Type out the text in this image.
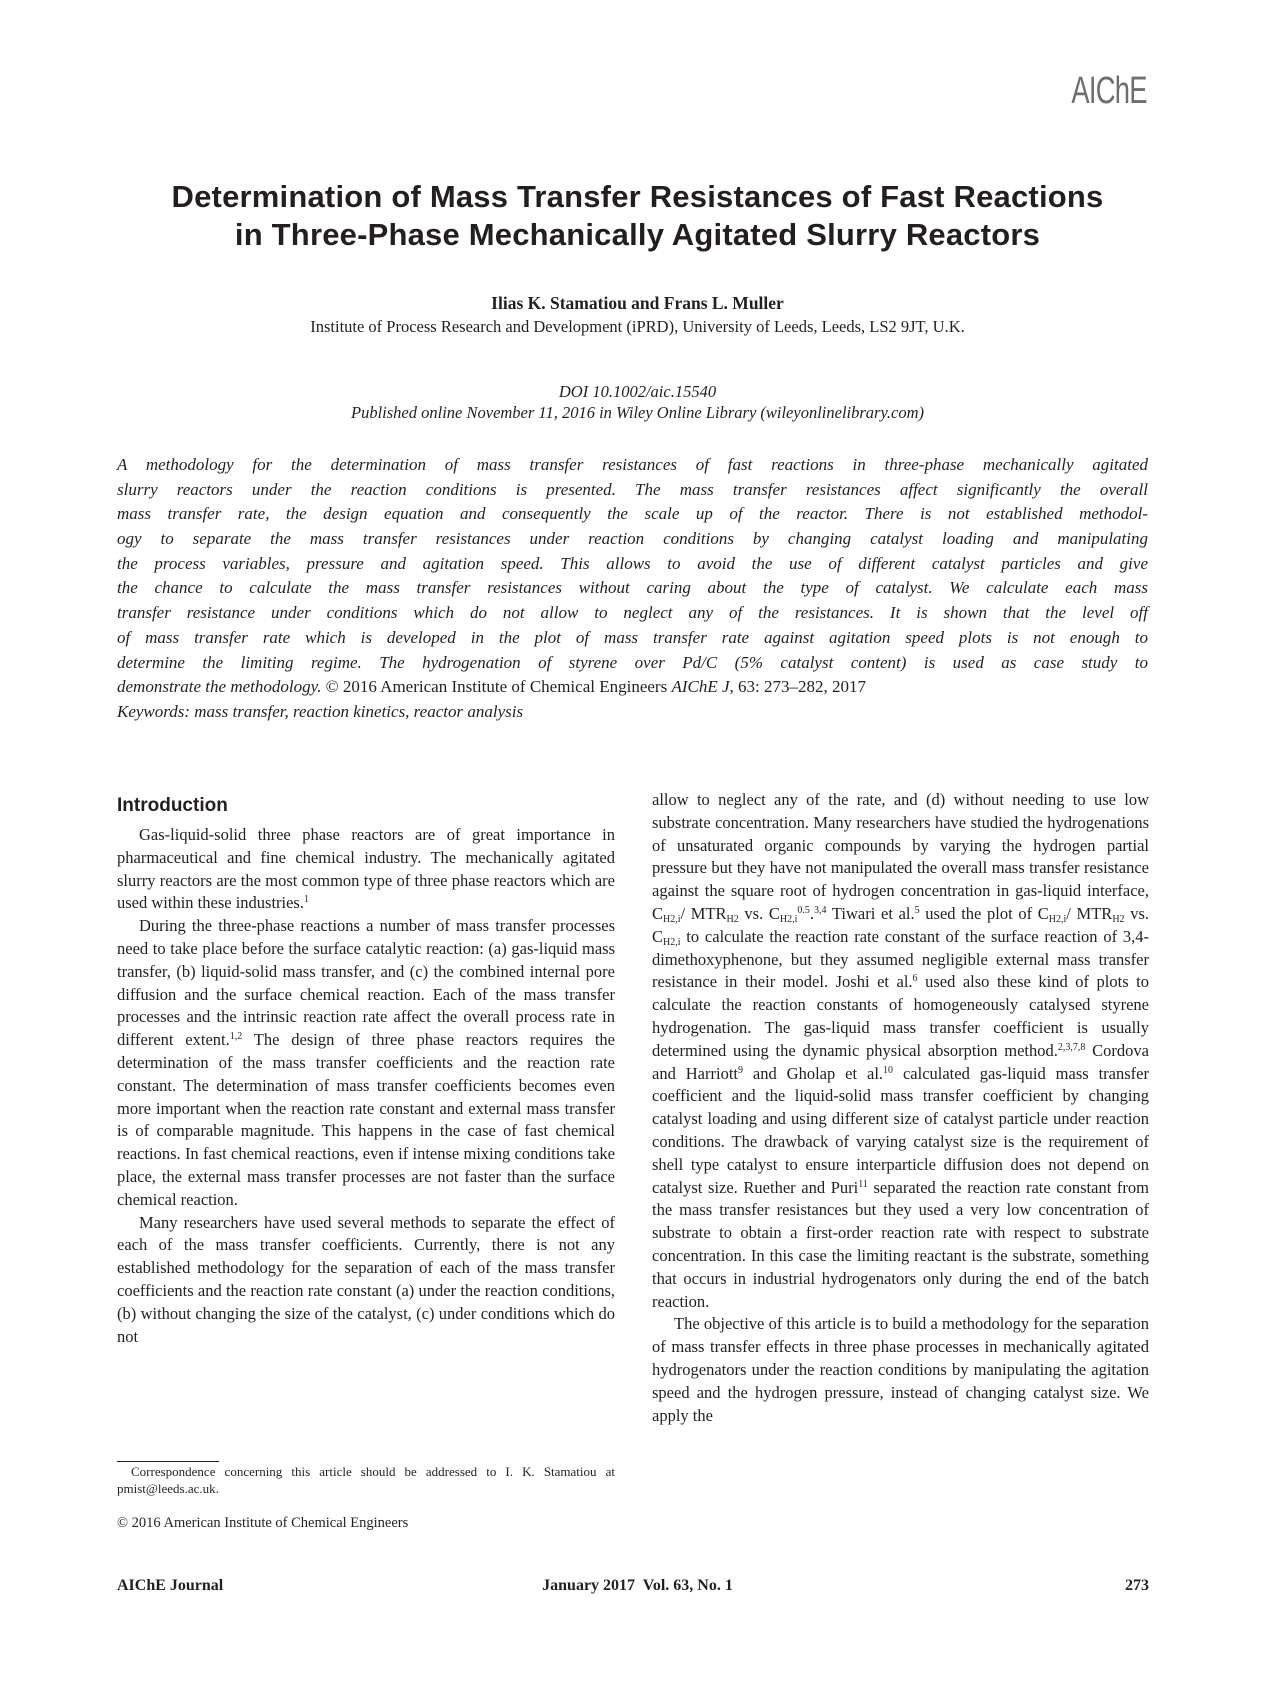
AIChE
Determination of Mass Transfer Resistances of Fast Reactions
in Three-Phase Mechanically Agitated Slurry Reactors
Ilias K. Stamatiou and Frans L. Muller
Institute of Process Research and Development (iPRD), University of Leeds, Leeds, LS2 9JT, U.K.
DOI 10.1002/aic.15540
Published online November 11, 2016 in Wiley Online Library (wileyonlinelibrary.com)
A methodology for the determination of mass transfer resistances of fast reactions in three-phase mechanically agitated
slurry reactors under the reaction conditions is presented. The mass transfer resistances affect significantly the overall
mass transfer rate, the design equation and consequently the scale up of the reactor. There is not established methodol-
ogy to separate the mass transfer resistances under reaction conditions by changing catalyst loading and manipulating
the process variables, pressure and agitation speed. This allows to avoid the use of different catalyst particles and give
the chance to calculate the mass transfer resistances without caring about the type of catalyst. We calculate each mass
transfer resistance under conditions which do not allow to neglect any of the resistances. It is shown that the level off
of mass transfer rate which is developed in the plot of mass transfer rate against agitation speed plots is not enough to
determine the limiting regime. The hydrogenation of styrene over Pd/C (5% catalyst content) is used as case study to
demonstrate the methodology. © 2016 American Institute of Chemical Engineers AIChE J, 63: 273–282, 2017
Keywords: mass transfer, reaction kinetics, reactor analysis
Introduction
Gas-liquid-solid three phase reactors are of great importance in pharmaceutical and fine chemical industry. The mechanically agitated slurry reactors are the most common type of three phase reactors which are used within these industries.$^1$
During the three-phase reactions a number of mass transfer processes need to take place before the surface catalytic reaction: (a) gas-liquid mass transfer, (b) liquid-solid mass transfer, and (c) the combined internal pore diffusion and the surface chemical reaction. Each of the mass transfer processes and the intrinsic reaction rate affect the overall process rate in different extent.$^{1,2}$ The design of three phase reactors requires the determination of the mass transfer coefficients and the reaction rate constant. The determination of mass transfer coefficients becomes even more important when the reaction rate constant and external mass transfer is of comparable magnitude. This happens in the case of fast chemical reactions. In fast chemical reactions, even if intense mixing conditions take place, the external mass transfer processes are not faster than the surface chemical reaction.
Many researchers have used several methods to separate the effect of each of the mass transfer coefficients. Currently, there is not any established methodology for the separation of each of the mass transfer coefficients and the reaction rate constant (a) under the reaction conditions, (b) without changing the size of the catalyst, (c) under conditions which do not
allow to neglect any of the rate, and (d) without needing to use low substrate concentration. Many researchers have studied the hydrogenations of unsaturated organic compounds by varying the hydrogen partial pressure but they have not manipulated the overall mass transfer resistance against the square root of hydrogen concentration in gas-liquid interface, $C_{H2,i}/$ $MTR_{H2}$ vs. $C_{H2,i}^{0.5}.^{3,4}$ Tiwari et al.$^5$ used the plot of $C_{H2,i}/$ $MTR_{H2}$ vs. $C_{H2,i}$ to calculate the reaction rate constant of the surface reaction of 3,4-dimethoxyphenone, but they assumed negligible external mass transfer resistance in their model. Joshi et al.$^6$ used also these kind of plots to calculate the reaction constants of homogeneously catalysed styrene hydrogenation. The gas-liquid mass transfer coefficient is usually determined using the dynamic physical absorption method.$^{2,3,7,8}$ Cordova and Harriott$^9$ and Gholap et al.$^{10}$ calculated gas-liquid mass transfer coefficient and the liquid-solid mass transfer coefficient by changing catalyst loading and using different size of catalyst particle under reaction conditions. The drawback of varying catalyst size is the requirement of shell type catalyst to ensure interparticle diffusion does not depend on catalyst size. Ruether and Puri$^{11}$ separated the reaction rate constant from the mass transfer resistances but they used a very low concentration of substrate to obtain a first-order reaction rate with respect to substrate concentration. In this case the limiting reactant is the substrate, something that occurs in industrial hydrogenators only during the end of the batch reaction.
The objective of this article is to build a methodology for the separation of mass transfer effects in three phase processes in mechanically agitated hydrogenators under the reaction conditions by manipulating the agitation speed and the hydrogen pressure, instead of changing catalyst size. We apply the
Correspondence concerning this article should be addressed to I. K. Stamatiou at pmist@leeds.ac.uk.
© 2016 American Institute of Chemical Engineers
AIChE Journal	January 2017  Vol. 63, No. 1	273
